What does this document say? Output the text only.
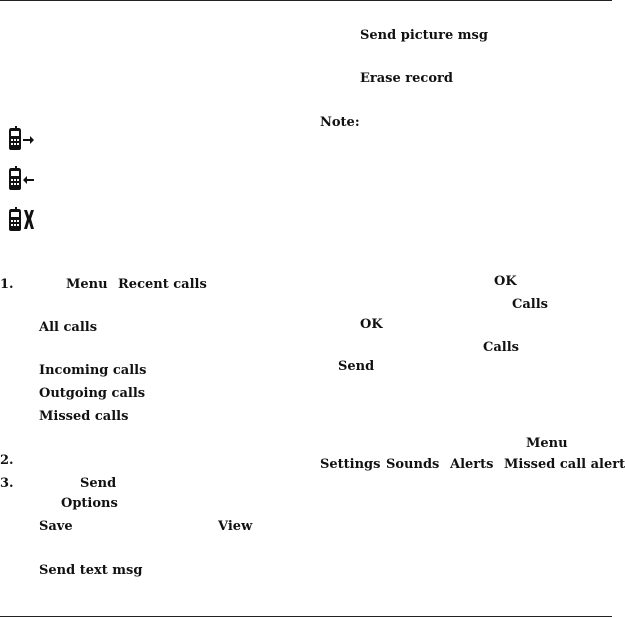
1.	Menu Recent calls
All calls
Incoming calls
Outgoing calls
Missed calls
2.
3.	Send
Options
Save	View
Send text msg
Send picture msg
Erase record
Note:
OK
Calls
OK
Calls
Send
Menu
Settings Sounds Alerts Missed call alert
